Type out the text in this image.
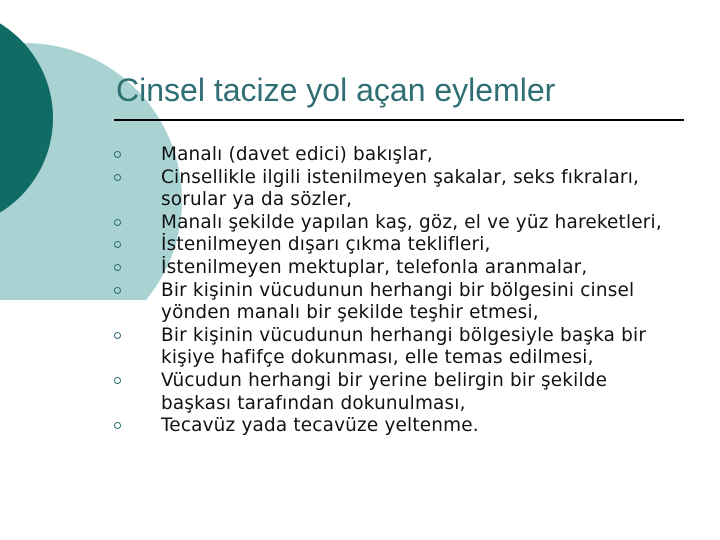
Cinsel tacize yol açan eylemler
Manalı (davet edici) bakışlar,
Cinsellikle ilgili istenilmeyen şakalar, seks fıkraları, sorular ya da sözler,
Manalı şekilde yapılan kaş, göz, el ve yüz hareketleri,
İstenilmeyen dışarı çıkma teklifleri,
İstenilmeyen mektuplar, telefonla aranmalar,
Bir kişinin vücudunun herhangi bir bölgesini cinsel yönden manalı bir şekilde teşhir etmesi,
Bir kişinin vücudunun herhangi bölgesiyle başka bir kişiye hafifçe dokunması, elle temas edilmesi,
Vücudun herhangi bir yerine belirgin bir şekilde başkası tarafından dokunulması,
Tecavüz yada tecavüze yeltenme.
